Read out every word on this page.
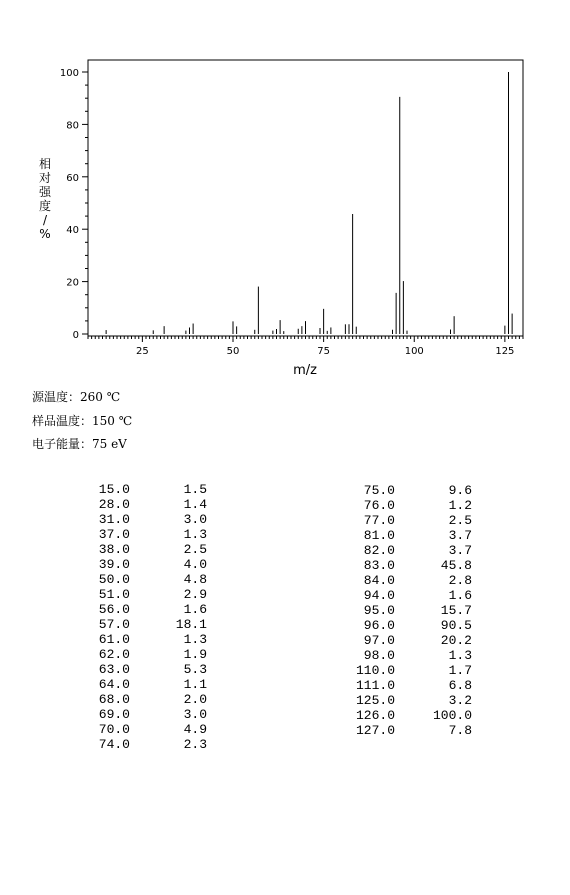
25	50	75	100	125
0
20
40
60
80
100
m/z
相对强度/ %
源温度：260 ℃
样品温度：150 ℃
电子能量：75 eV
15.0	1.5
28.0	1.4
31.0	3.0
37.0	1.3
38.0	2.5
39.0	4.0
50.0	4.8
51.0	2.9
56.0	1.6
57.0	18.1
61.0	1.3
62.0	1.9
63.0	5.3
64.0	1.1
68.0	2.0
69.0	3.0
70.0	4.9
74.0	2.3
75.0	9.6
76.0	1.2
77.0	2.5
81.0	3.7
82.0	3.7
83.0	45.8
84.0	2.8
94.0	1.6
95.0	15.7
96.0	90.5
97.0	20.2
98.0	1.3
110.0	1.7
111.0	6.8
125.0	3.2
126.0	100.0
127.0	7.8
